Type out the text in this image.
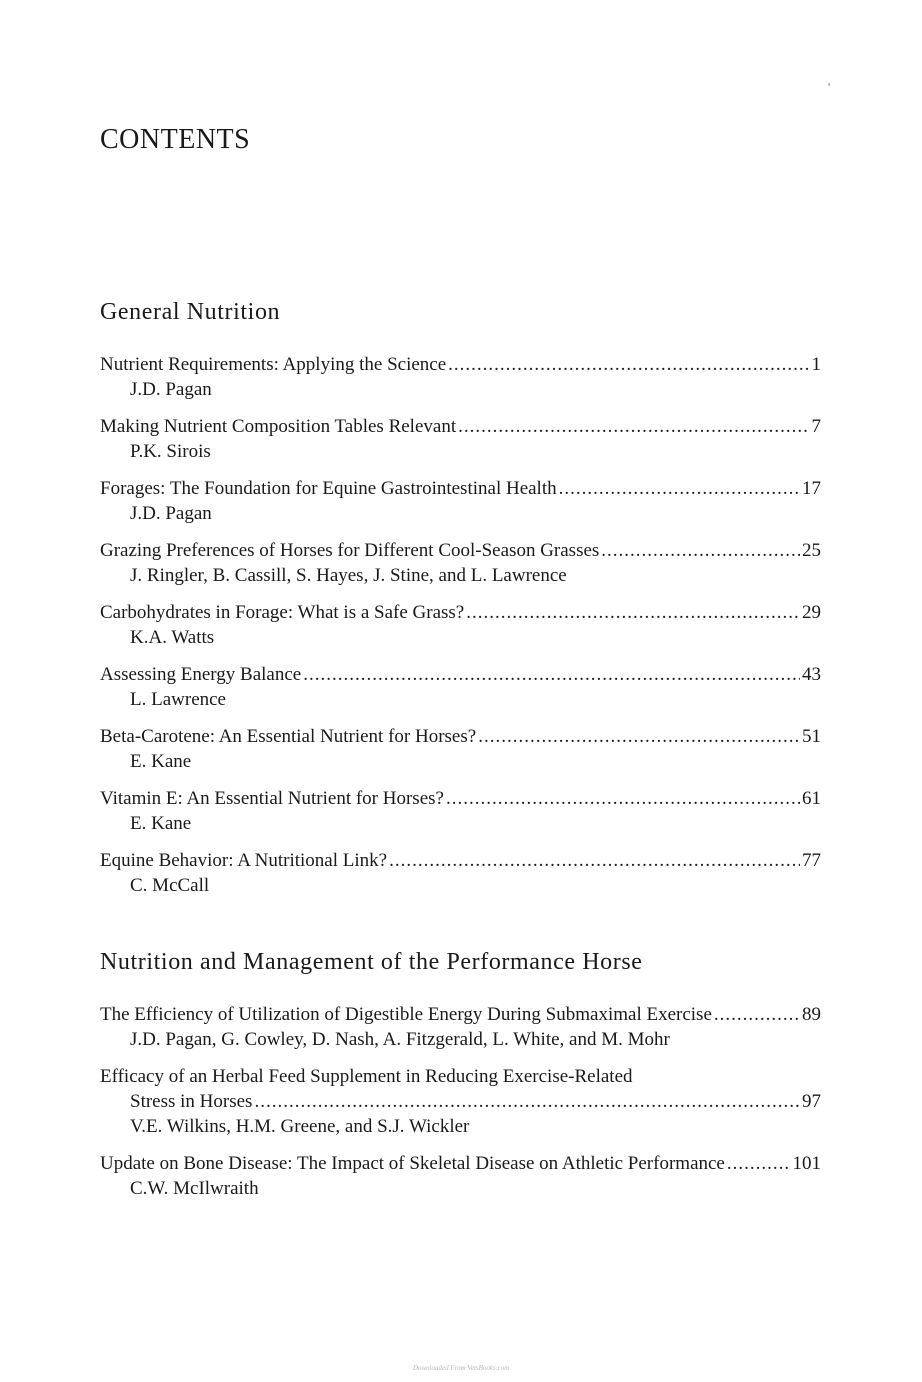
'
CONTENTS
General Nutrition
Nutrient Requirements: Applying the Science .....	1
J.D. Pagan
Making Nutrient Composition Tables Relevant .....	7
P.K. Sirois
Forages: The Foundation for Equine Gastrointestinal Health .....	17
J.D. Pagan
Grazing Preferences of Horses for Different Cool-Season Grasses .....	25
J. Ringler, B. Cassill, S. Hayes, J. Stine, and L. Lawrence
Carbohydrates in Forage: What is a Safe Grass? .....	29
K.A. Watts
Assessing Energy Balance .....	43
L. Lawrence
Beta-Carotene: An Essential Nutrient for Horses? .....	51
E. Kane
Vitamin E: An Essential Nutrient for Horses? .....	61
E. Kane
Equine Behavior: A Nutritional Link? .....	77
C. McCall
Nutrition and Management of the Performance Horse
The Efficiency of Utilization of Digestible Energy During Submaximal Exercise .....	89
J.D. Pagan, G. Cowley, D. Nash, A. Fitzgerald, L. White, and M. Mohr
Efficacy of an Herbal Feed Supplement in Reducing Exercise-Related
Stress in Horses .....	97
V.E. Wilkins, H.M. Greene, and S.J. Wickler
Update on Bone Disease: The Impact of Skeletal Disease on Athletic Performance .....	101
C.W. McIlwraith
Downloaded From VetsBooks.com
